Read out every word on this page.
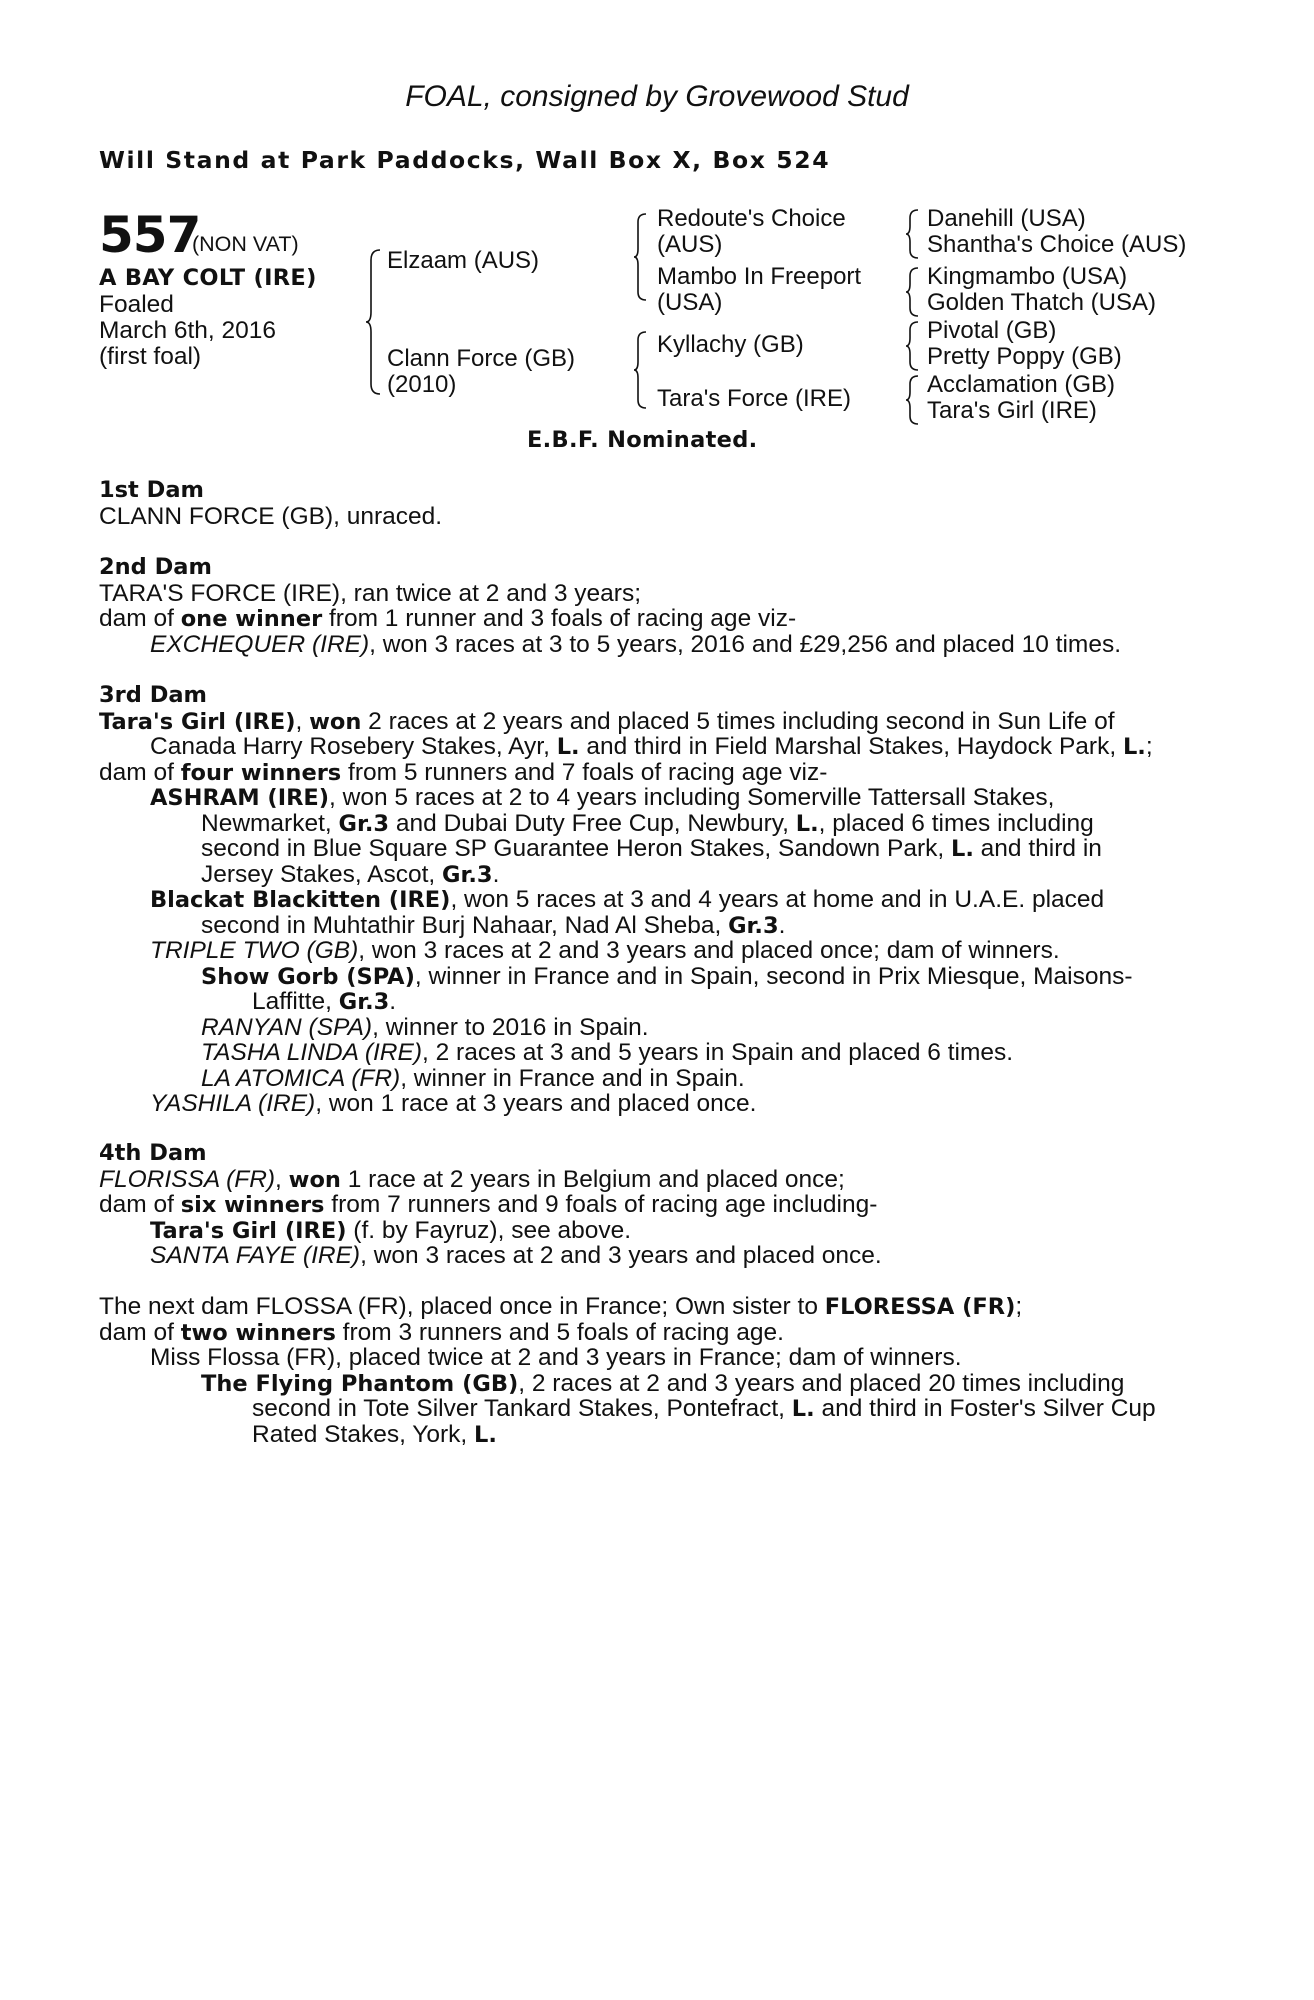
FOAL, consigned by Grovewood Stud
Will Stand at Park Paddocks, Wall Box X, Box 524
557
(NON VAT)
A BAY COLT (IRE)
Foaled
March 6th, 2016
(first foal)
Elzaam (AUS)
Clann Force (GB)
(2010)
Redoute's Choice
(AUS)
Mambo In Freeport
(USA)
Kyllachy (GB)
Tara's Force (IRE)
Danehill (USA)
Shantha's Choice (AUS)
Kingmambo (USA)
Golden Thatch (USA)
Pivotal (GB)
Pretty Poppy (GB)
Acclamation (GB)
Tara's Girl (IRE)
E.B.F. Nominated.
1st Dam
CLANN FORCE (GB), unraced.
2nd Dam
TARA'S FORCE (IRE), ran twice at 2 and 3 years;
dam of one winner from 1 runner and 3 foals of racing age viz-
EXCHEQUER (IRE), won 3 races at 3 to 5 years, 2016 and £29,256 and placed 10 times.
3rd Dam
Tara's Girl (IRE), won 2 races at 2 years and placed 5 times including second in Sun Life of
Canada Harry Rosebery Stakes, Ayr, L. and third in Field Marshal Stakes, Haydock Park, L.;
dam of four winners from 5 runners and 7 foals of racing age viz-
ASHRAM (IRE), won 5 races at 2 to 4 years including Somerville Tattersall Stakes,
Newmarket, Gr.3 and Dubai Duty Free Cup, Newbury, L., placed 6 times including
second in Blue Square SP Guarantee Heron Stakes, Sandown Park, L. and third in
Jersey Stakes, Ascot, Gr.3.
Blackat Blackitten (IRE), won 5 races at 3 and 4 years at home and in U.A.E. placed
second in Muhtathir Burj Nahaar, Nad Al Sheba, Gr.3.
TRIPLE TWO (GB), won 3 races at 2 and 3 years and placed once; dam of winners.
Show Gorb (SPA), winner in France and in Spain, second in Prix Miesque, Maisons-
Laffitte, Gr.3.
RANYAN (SPA), winner to 2016 in Spain.
TASHA LINDA (IRE), 2 races at 3 and 5 years in Spain and placed 6 times.
LA ATOMICA (FR), winner in France and in Spain.
YASHILA (IRE), won 1 race at 3 years and placed once.
4th Dam
FLORISSA (FR), won 1 race at 2 years in Belgium and placed once;
dam of six winners from 7 runners and 9 foals of racing age including-
Tara's Girl (IRE) (f. by Fayruz), see above.
SANTA FAYE (IRE), won 3 races at 2 and 3 years and placed once.
The next dam FLOSSA (FR), placed once in France; Own sister to FLORESSA (FR);
dam of two winners from 3 runners and 5 foals of racing age.
Miss Flossa (FR), placed twice at 2 and 3 years in France; dam of winners.
The Flying Phantom (GB), 2 races at 2 and 3 years and placed 20 times including
second in Tote Silver Tankard Stakes, Pontefract, L. and third in Foster's Silver Cup
Rated Stakes, York, L.
